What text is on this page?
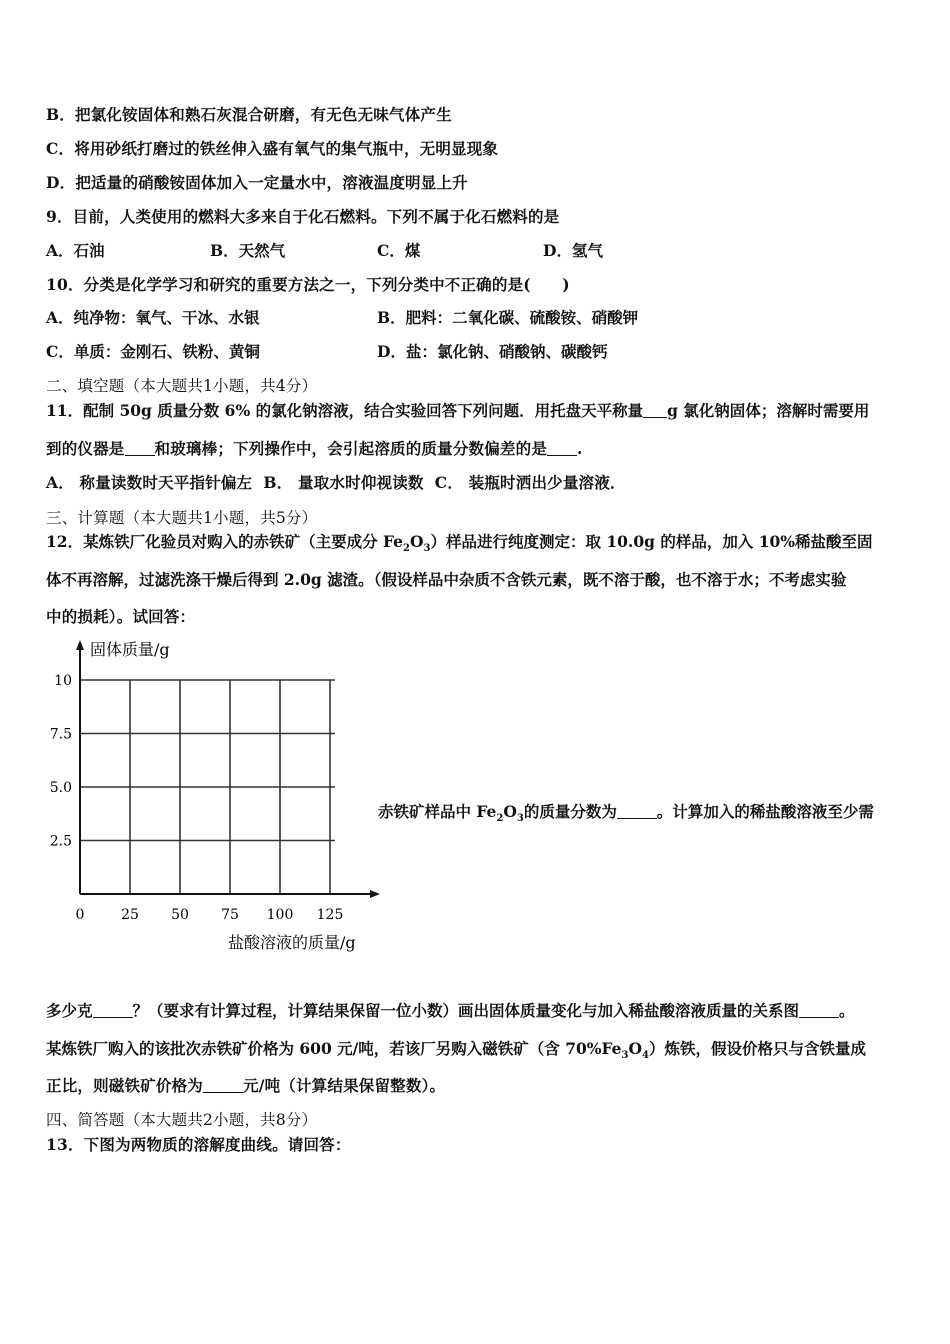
B．把氯化铵固体和熟石灰混合研磨，有无色无味气体产生
C．将用砂纸打磨过的铁丝伸入盛有氧气的集气瓶中，无明显现象
D．把适量的硝酸铵固体加入一定量水中，溶液温度明显上升
9．目前，人类使用的燃料大多来自于化石燃料。下列不属于化石燃料的是
A．石油	B．天然气	C．煤	D．氢气
10．分类是化学学习和研究的重要方法之一，下列分类中不正确的是(　　)
A．纯净物：氧气、干冰、水银	B．肥料：二氧化碳、硫酸铵、硝酸钾
C．单质：金刚石、铁粉、黄铜	D．盐：氯化钠、硝酸钠、碳酸钙
二、填空题（本大题共1小题，共4分）
11．配制 50g 质量分数 6% 的氯化钠溶液，结合实验回答下列问题．用托盘天平称量 g 氯化钠固体；溶解时需要用
到的仪器是 和玻璃棒；下列操作中，会引起溶质的质量分数偏差的是 .
A． 称量读数时天平指针偏左  B． 量取水时仰视读数  C． 装瓶时洒出少量溶液．
三、计算题（本大题共1小题，共5分）
12．某炼铁厂化验员对购入的赤铁矿（主要成分 $Fe_2O_3$）样品进行纯度测定：取 10.0g 的样品，加入 10%稀盐酸至固
体不再溶解，过滤洗涤干燥后得到 2.0g 滤渣。（假设样品中杂质不含铁元素，既不溶于酸，也不溶于水；不考虑实验
中的损耗）。试回答：
0	25 50 75 100 125
2.5
5.0
7.5
10
固体质量/g
盐酸溶液的质量/g
赤铁矿样品中 $Fe_2O_3$的质量分数为	。计算加入的稀盐酸溶液至少需
多少克	？（要求有计算过程，计算结果保留一位小数）画出固体质量变化与加入稀盐酸溶液质量的关系图	。
某炼铁厂购入的该批次赤铁矿价格为 600 元/吨，若该厂另购入磁铁矿（含 $70\%Fe_3O_4$）炼铁，假设价格只与含铁量成
正比，则磁铁矿价格为	元/吨（计算结果保留整数）。
四、简答题（本大题共2小题，共8分）
13．下图为两物质的溶解度曲线。请回答：
